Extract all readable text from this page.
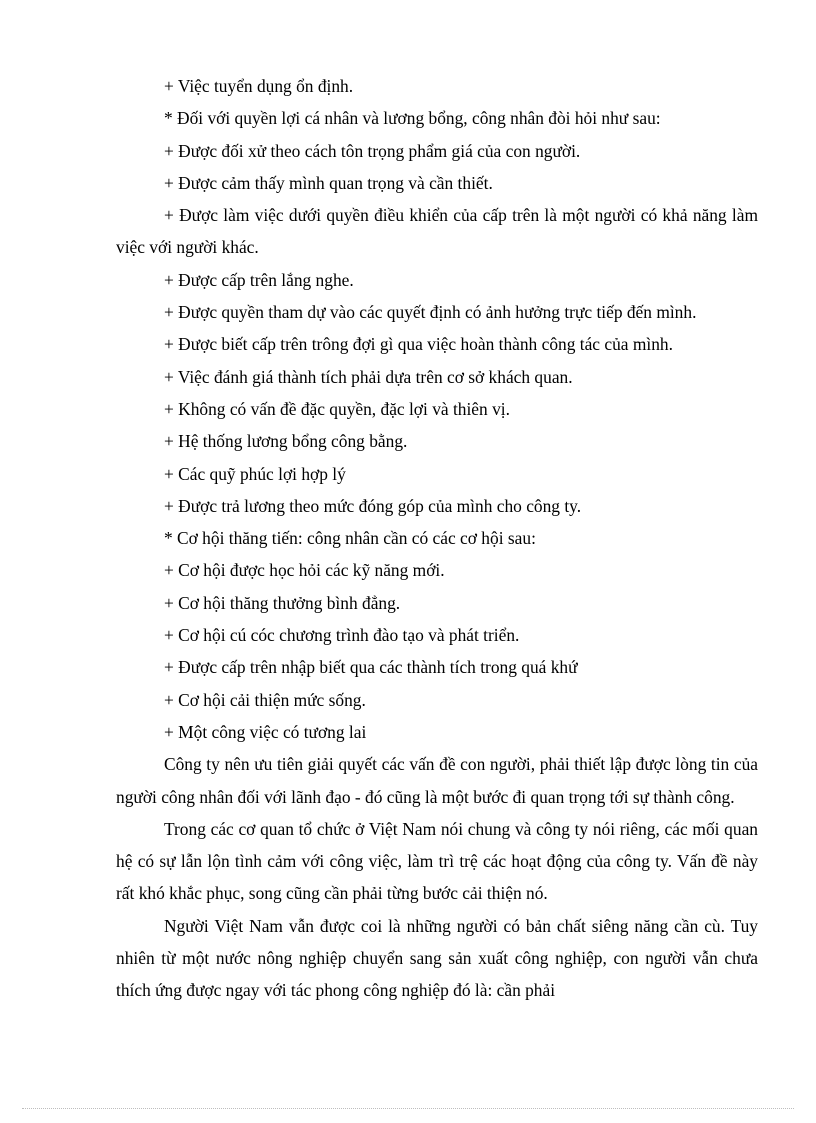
+ Việc tuyển dụng ổn định.
* Đối với quyền lợi cá nhân và lương bổng, công nhân đòi hỏi như sau:
+ Được đối xử theo cách tôn trọng phẩm giá của con người.
+ Được cảm thấy mình quan trọng và cần thiết.
+ Được làm việc dưới quyền điều khiển của cấp trên là một người có khả năng làm việc với người khác.
+ Được cấp trên lắng nghe.
+ Được quyền tham dự vào các quyết định có ảnh hưởng trực tiếp đến mình.
+ Được biết cấp trên trông đợi gì qua việc hoàn thành công tác của mình.
+ Việc đánh giá thành tích phải dựa trên cơ sở khách quan.
+ Không có vấn đề đặc quyền, đặc lợi và thiên vị.
+ Hệ thống lương bổng công bằng.
+ Các quỹ phúc lợi hợp lý
+ Được trả lương theo mức đóng góp của mình cho công ty.
* Cơ hội thăng tiến: công nhân cần có các cơ hội sau:
+ Cơ hội được học hỏi các kỹ năng mới.
+ Cơ hội thăng thưởng bình đẳng.
+ Cơ hội cú cóc chương trình đào tạo và phát triển.
+ Được cấp trên nhập biết qua các thành tích trong quá khứ
+ Cơ hội cải thiện mức sống.
+ Một công việc có tương lai
Công ty nên ưu tiên giải quyết các vấn đề con người, phải thiết lập được lòng tin của người công nhân đối với lãnh đạo - đó cũng là một bước đi quan trọng tới sự thành công.
Trong các cơ quan tổ chức ở Việt Nam nói chung và công ty nói riêng, các mối quan hệ có sự lẫn lộn tình cảm với công việc, làm trì trệ các hoạt động của công ty. Vấn đề này rất khó khắc phục, song cũng cần phải từng bước cải thiện nó.
Người Việt Nam vẫn được coi là những người có bản chất siêng năng cần cù. Tuy nhiên từ một nước nông nghiệp chuyển sang sản xuất công nghiệp, con người vẫn chưa thích ứng được ngay với tác phong công nghiệp đó là: cần phải
